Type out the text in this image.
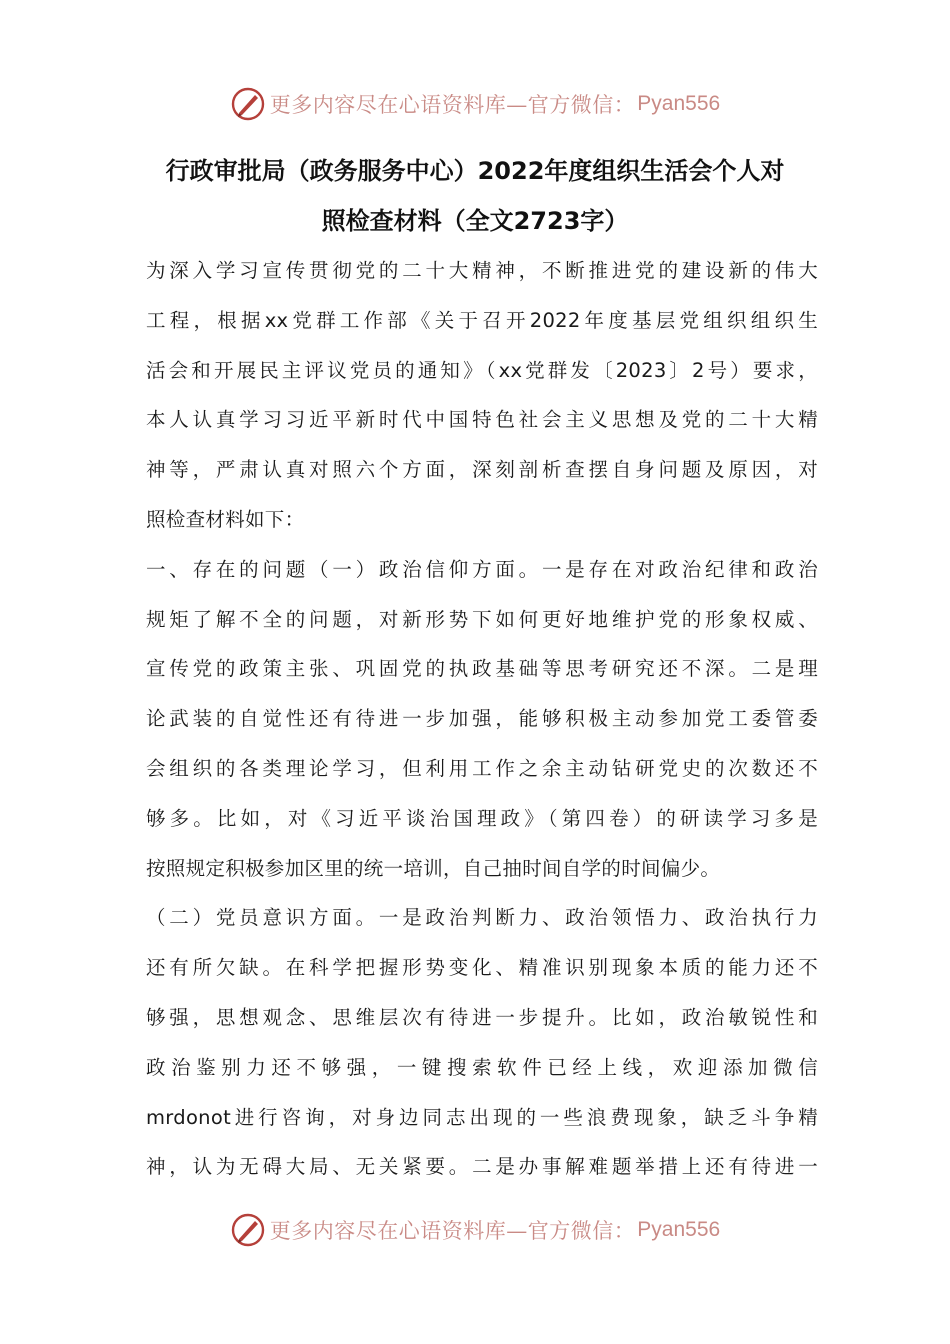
更多内容尽在心语资料库—官方微信： Pyan556
行政审批局（政务服务中心）2022年度组织生活会个人对
照检查材料（全文2723字）
为深入学习宣传贯彻党的二十大精神，不断推进党的建设新的伟大
工程，根据xx党群工作部《关于召开2022年度基层党组织组织生
活会和开展民主评议党员的通知》（xx党群发〔2023〕2号）要求，
本人认真学习习近平新时代中国特色社会主义思想及党的二十大精
神等，严肃认真对照六个方面，深刻剖析查摆自身问题及原因，对
照检查材料如下：
一、存在的问题（一）政治信仰方面。一是存在对政治纪律和政治
规矩了解不全的问题，对新形势下如何更好地维护党的形象权威、
宣传党的政策主张、巩固党的执政基础等思考研究还不深。二是理
论武装的自觉性还有待进一步加强，能够积极主动参加党工委管委
会组织的各类理论学习，但利用工作之余主动钻研党史的次数还不
够多。比如，对《习近平谈治国理政》（第四卷）的研读学习多是
按照规定积极参加区里的统一培训，自己抽时间自学的时间偏少。
（二）党员意识方面。一是政治判断力、政治领悟力、政治执行力
还有所欠缺。在科学把握形势变化、精准识别现象本质的能力还不
够强，思想观念、思维层次有待进一步提升。比如，政治敏锐性和
政治鉴别力还不够强，一键搜索软件已经上线，欢迎添加微信
mrdonot进行咨询，对身边同志出现的一些浪费现象，缺乏斗争精
神，认为无碍大局、无关紧要。二是办事解难题举措上还有待进一
更多内容尽在心语资料库—官方微信： Pyan556
